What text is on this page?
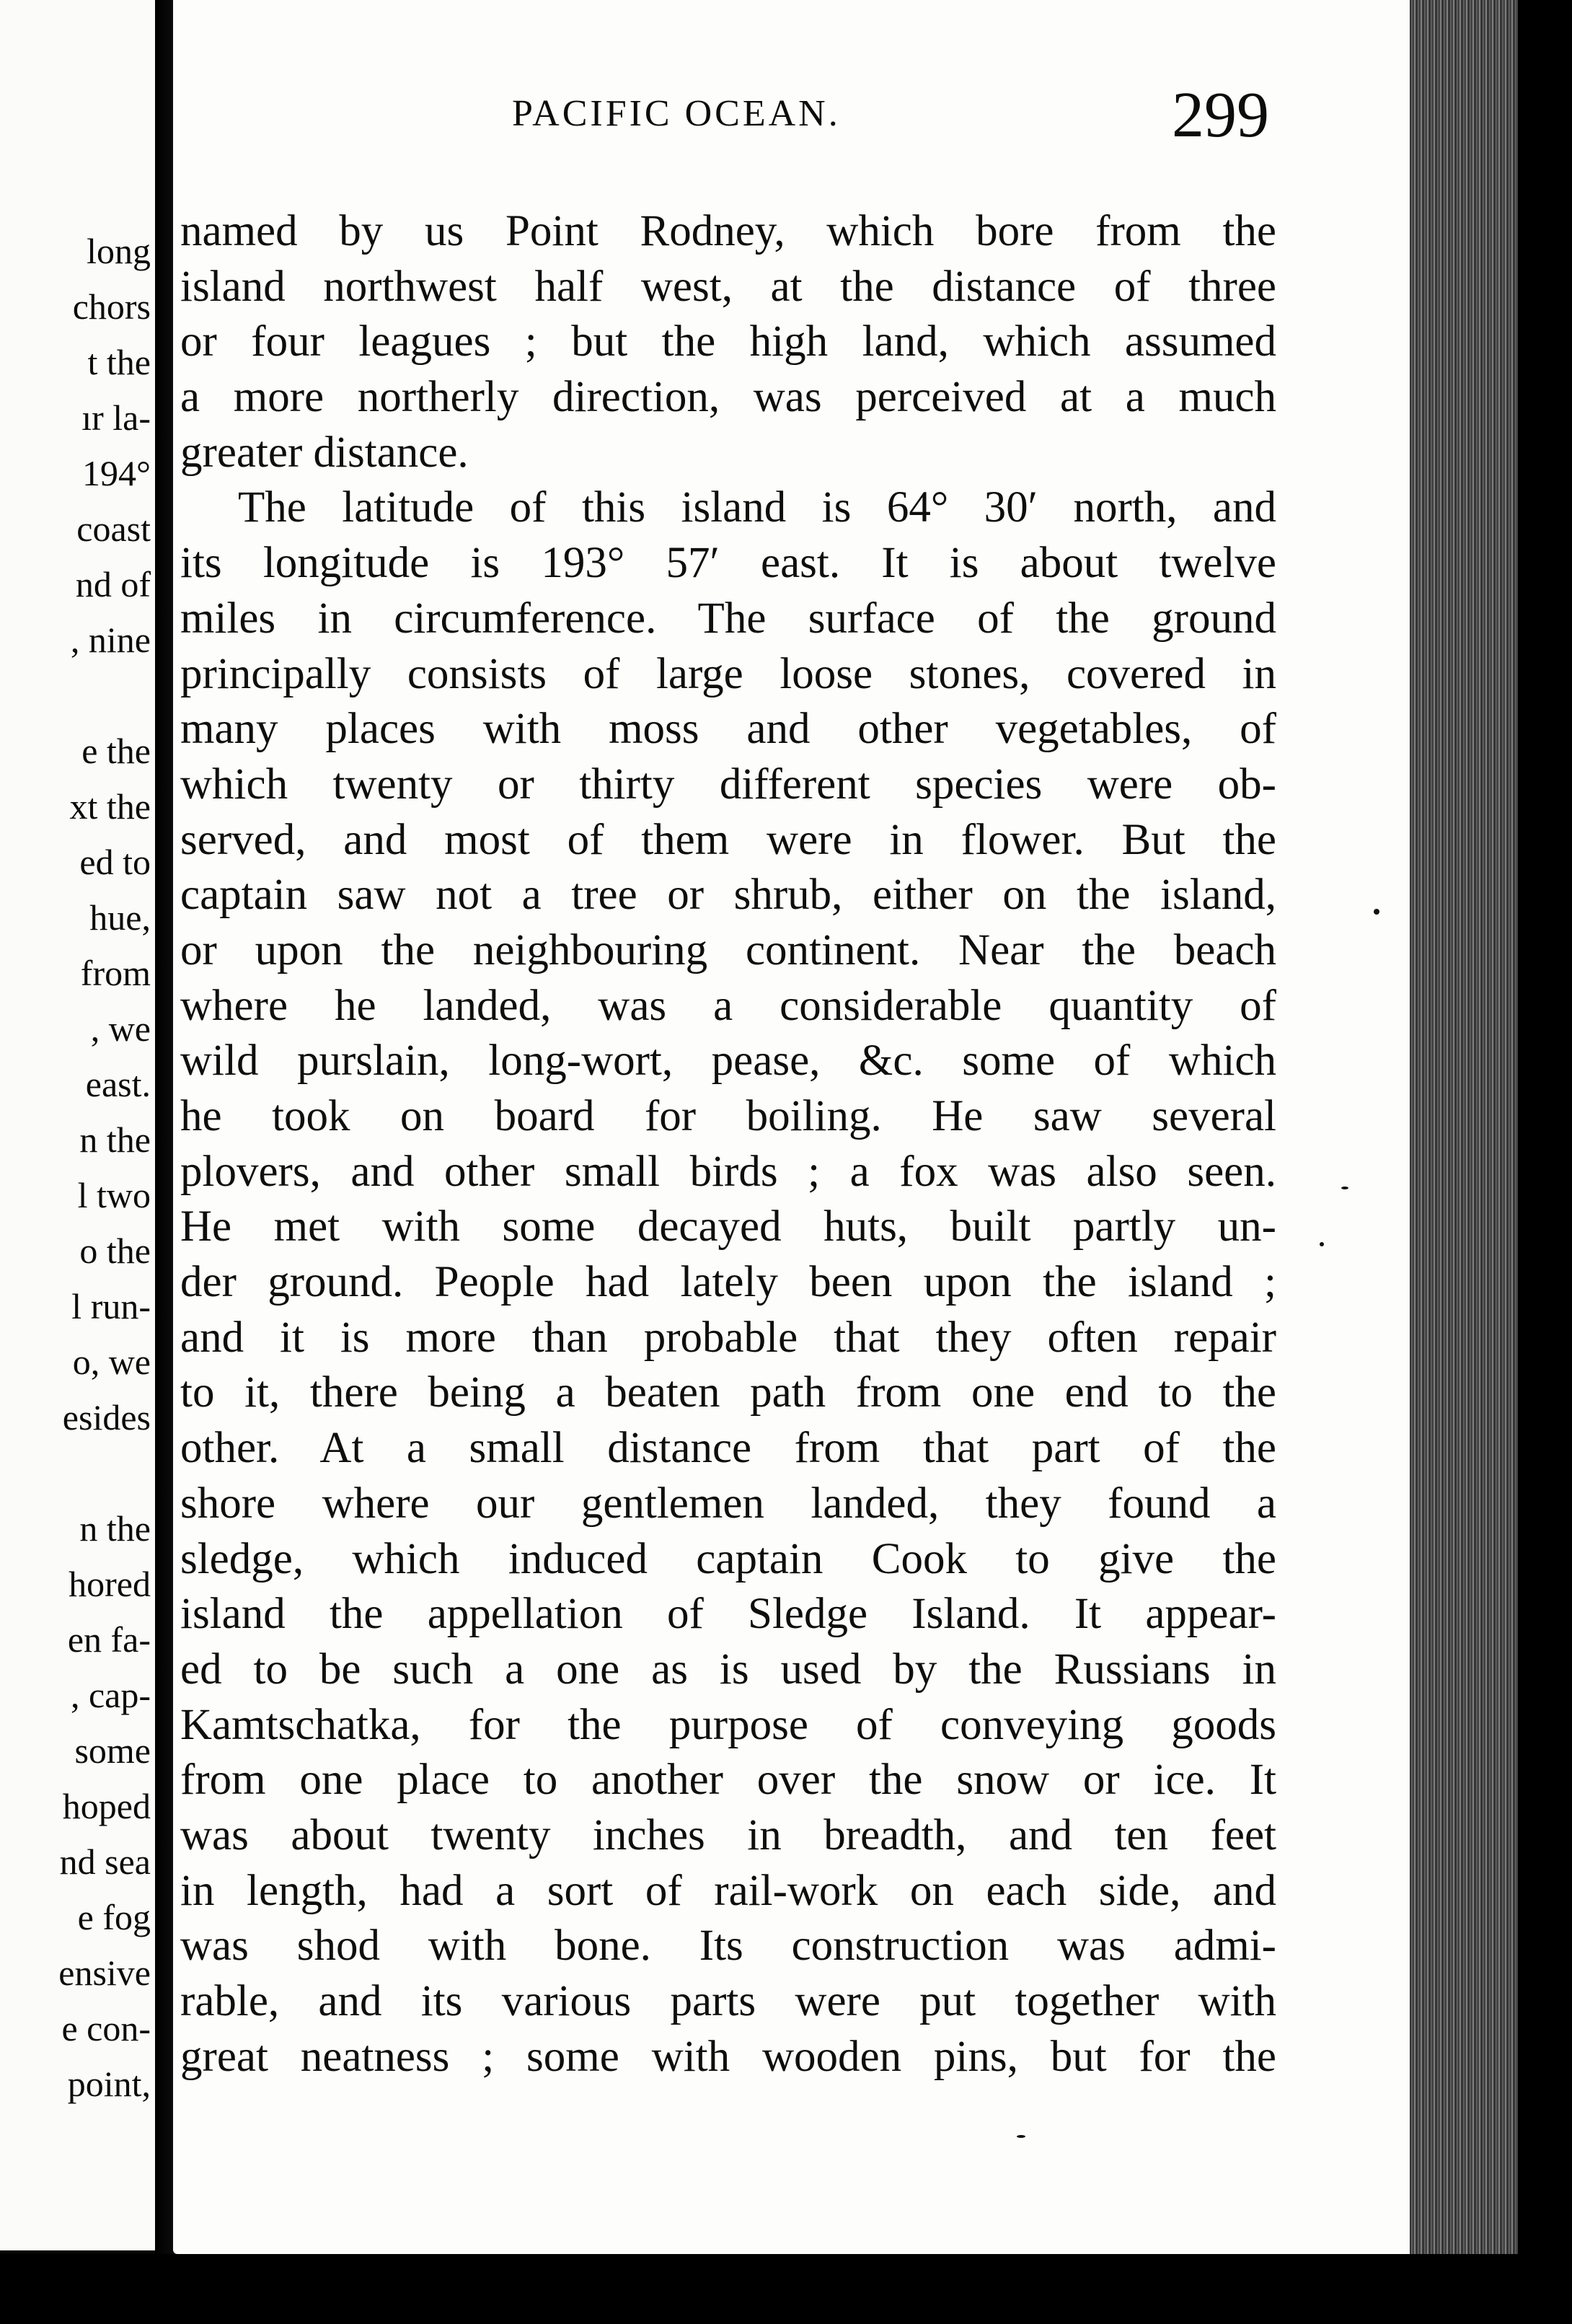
long
chors
t the
ır la-
194°
coast
nd of
, nine
e the
xt the
ed to
hue,
from
, we
east.
n the
l two
o the
l run-
o, we
esides
n the
hored
en fa-
, cap-
some
hoped
nd sea
e fog
ensive
e con-
point,
PACIFIC OCEAN.	299
named by us Point Rodney, which bore from the
island northwest half west, at the distance of three
or four leagues ; but the high land, which assumed
a more northerly direction, was perceived at a much
greater distance.
The latitude of this island is 64° 30′ north, and
its longitude is 193° 57′ east. It is about twelve
miles in circumference. The surface of the ground
principally consists of large loose stones, covered in
many places with moss and other vegetables, of
which twenty or thirty different species were ob-
served, and most of them were in flower. But the
captain saw not a tree or shrub, either on the island,
or upon the neighbouring continent. Near the beach
where he landed, was a considerable quantity of
wild purslain, long-wort, pease, &c. some of which
he took on board for boiling. He saw several
plovers, and other small birds ; a fox was also seen.
He met with some decayed huts, built partly un-
der ground. People had lately been upon the island ;
and it is more than probable that they often repair
to it, there being a beaten path from one end to the
other. At a small distance from that part of the
shore where our gentlemen landed, they found a
sledge, which induced captain Cook to give the
island the appellation of Sledge Island. It appear-
ed to be such a one as is used by the Russians in
Kamtschatka, for the purpose of conveying goods
from one place to another over the snow or ice. It
was about twenty inches in breadth, and ten feet
in length, had a sort of rail-work on each side, and
was shod with bone. Its construction was admi-
rable, and its various parts were put together with
great neatness ; some with wooden pins, but for the
